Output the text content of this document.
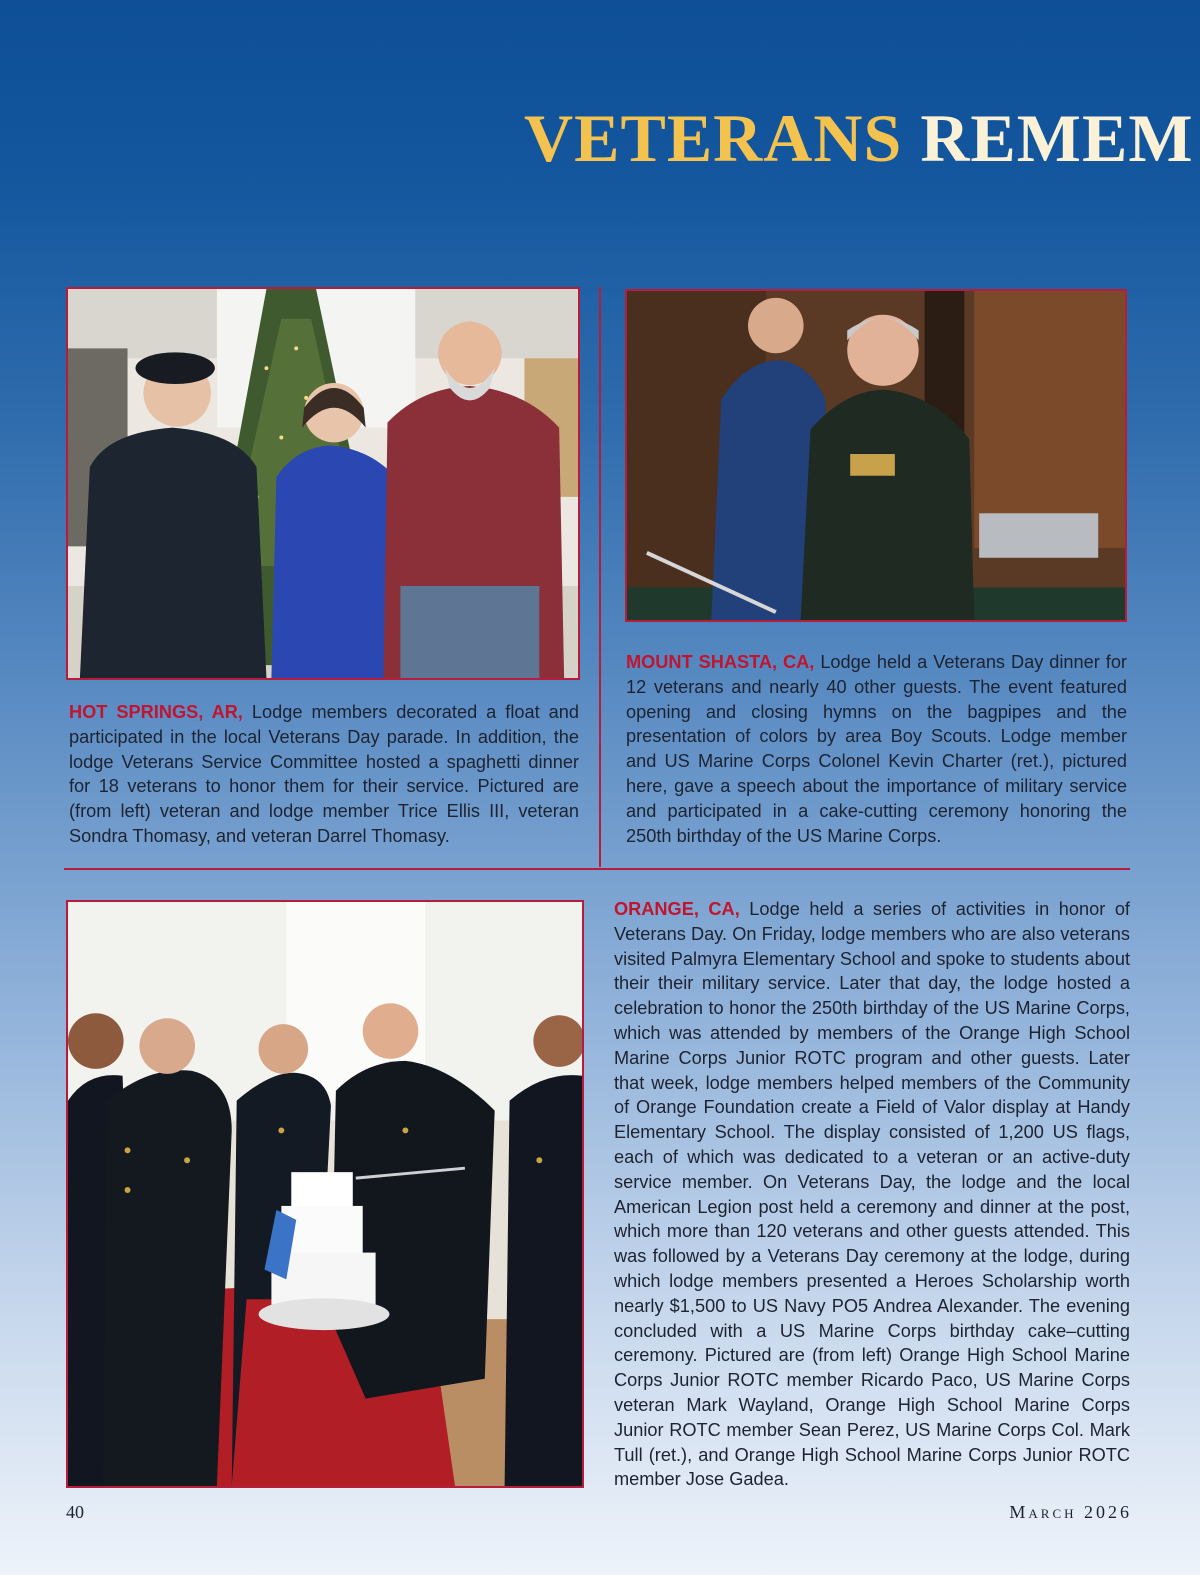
VETERANS REMEM
HOT SPRINGS, AR, Lodge members decorated a float and participated in the local Veterans Day parade. In addition, the lodge Veterans Service Committee hosted a spaghetti dinner for 18 veterans to honor them for their service. Pictured are (from left) veteran and lodge member Trice Ellis III, veteran Sondra Thomasy, and veteran Darrel Thomasy.
MOUNT SHASTA, CA, Lodge held a Veterans Day dinner for 12 veterans and nearly 40 other guests. The event featured opening and closing hymns on the bagpipes and the presentation of colors by area Boy Scouts. Lodge member and US Marine Corps Colonel Kevin Charter (ret.), pictured here, gave a speech about the importance of military service and participated in a cake-cutting ceremony honoring the 250th birthday of the US Marine Corps.
ORANGE, CA, Lodge held a series of activities in honor of Veterans Day. On Friday, lodge members who are also veterans visited Palmyra Elementary School and spoke to students about their their military service. Later that day, the lodge hosted a celebration to honor the 250th birthday of the US Marine Corps, which was attended by members of the Orange High School Marine Corps Junior ROTC program and other guests. Later that week, lodge members helped members of the Community of Orange Foundation create a Field of Valor display at Handy Elementary School. The display consisted of 1,200 US flags, each of which was dedicated to a veteran or an active-duty service member. On Veterans Day, the lodge and the local American Legion post held a ceremony and dinner at the post, which more than 120 veterans and other guests attended. This was followed by a Veterans Day ceremony at the lodge, during which lodge members presented a Heroes Scholarship worth nearly $1,500 to US Navy PO5 Andrea Alexander. The evening concluded with a US Marine Corps birthday cake–cutting ceremony. Pictured are (from left) Orange High School Marine Corps Junior ROTC member Ricardo Paco, US Marine Corps veteran Mark Wayland, Orange High School Marine Corps Junior ROTC member Sean Perez, US Marine Corps Col. Mark Tull (ret.), and Orange High School Marine Corps Junior ROTC member Jose Gadea.
40	March 2026
